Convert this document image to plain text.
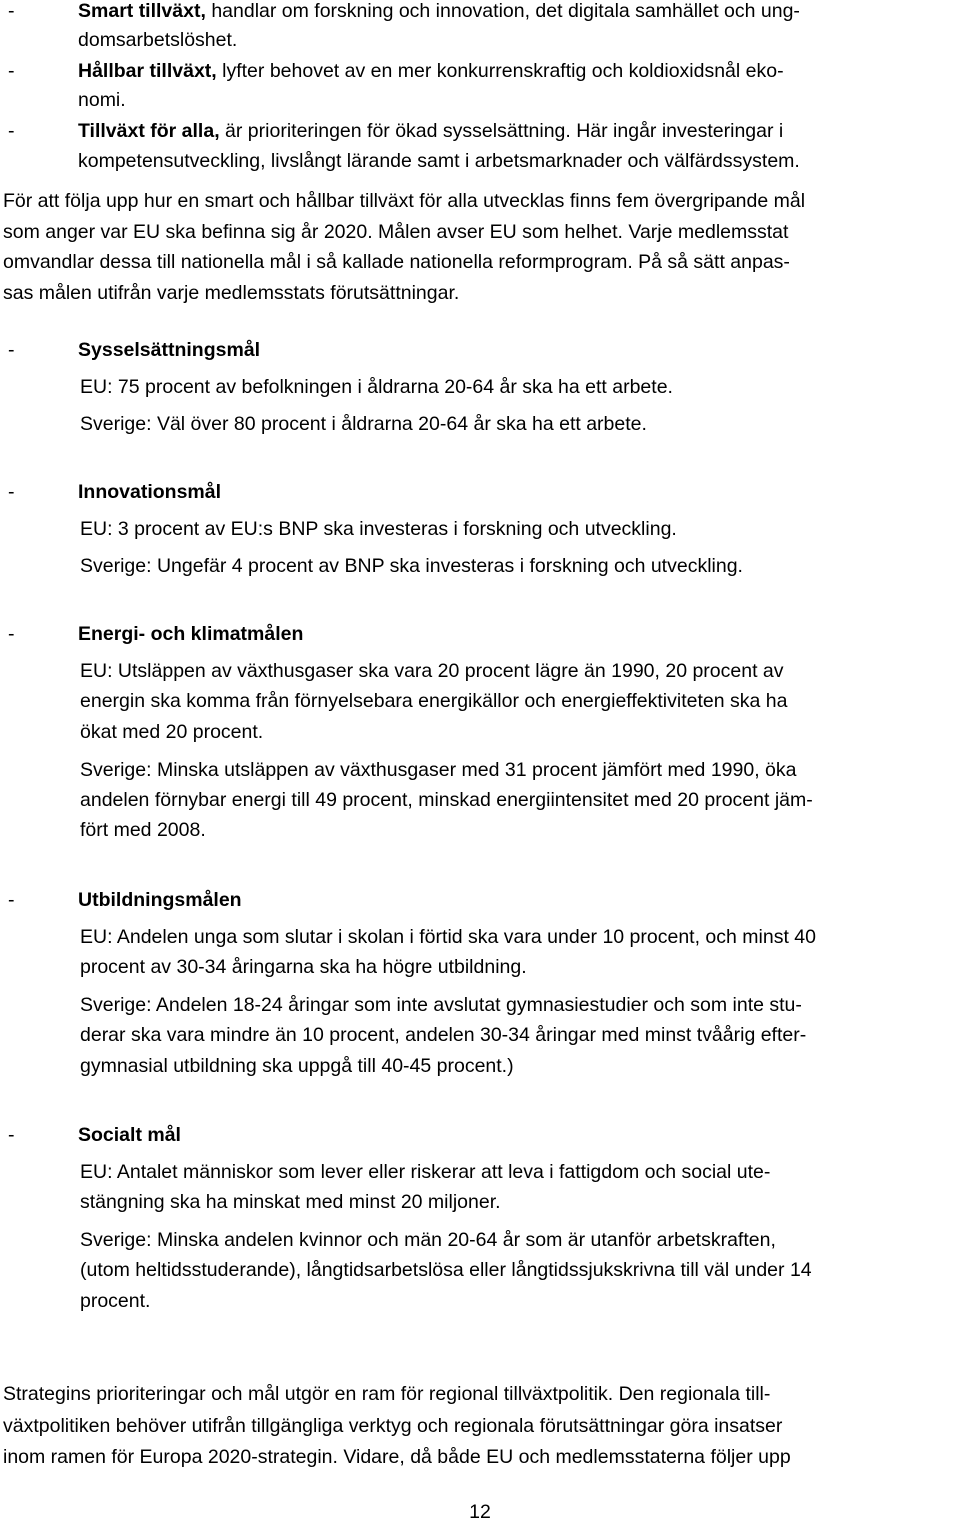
-	Smart tillväxt, handlar om forskning och innovation, det digitala samhället och ung-
domsarbetslöshet.
-	Hållbar tillväxt, lyfter behovet av en mer konkurrenskraftig och koldioxidsnål eko-
nomi.
-	Tillväxt för alla, är prioriteringen för ökad sysselsättning. Här ingår investeringar i
kompetensutveckling, livslångt lärande samt i arbetsmarknader och välfärdssystem.
För att följa upp hur en smart och hållbar tillväxt för alla utvecklas finns fem övergripande mål
som anger var EU ska befinna sig år 2020. Målen avser EU som helhet. Varje medlemsstat
omvandlar dessa till nationella mål i så kallade nationella reformprogram. På så sätt anpas-
sas målen utifrån varje medlemsstats förutsättningar.
-	Sysselsättningsmål
EU: 75 procent av befolkningen i åldrarna 20-64 år ska ha ett arbete.
Sverige: Väl över 80 procent i åldrarna 20-64 år ska ha ett arbete.
-	Innovationsmål
EU: 3 procent av EU:s BNP ska investeras i forskning och utveckling.
Sverige: Ungefär 4 procent av BNP ska investeras i forskning och utveckling.
-	Energi- och klimatmålen
EU: Utsläppen av växthusgaser ska vara 20 procent lägre än 1990, 20 procent av
energin ska komma från förnyelsebara energikällor och energieffektiviteten ska ha
ökat med 20 procent.
Sverige: Minska utsläppen av växthusgaser med 31 procent jämfört med 1990, öka
andelen förnybar energi till 49 procent, minskad energiintensitet med 20 procent jäm-
fört med 2008.
-	Utbildningsmålen
EU: Andelen unga som slutar i skolan i förtid ska vara under 10 procent, och minst 40
procent av 30-34 åringarna ska ha högre utbildning.
Sverige: Andelen 18-24 åringar som inte avslutat gymnasiestudier och som inte stu-
derar ska vara mindre än 10 procent, andelen 30-34 åringar med minst tvåårig efter-
gymnasial utbildning ska uppgå till 40-45 procent.)
-	Socialt mål
EU: Antalet människor som lever eller riskerar att leva i fattigdom och social ute-
stängning ska ha minskat med minst 20 miljoner.
Sverige: Minska andelen kvinnor och män 20-64 år som är utanför arbetskraften,
(utom heltidsstuderande), långtidsarbetslösa eller långtidssjukskrivna till väl under 14
procent.
Strategins prioriteringar och mål utgör en ram för regional tillväxtpolitik. Den regionala till-
växtpolitiken behöver utifrån tillgängliga verktyg och regionala förutsättningar göra insatser
inom ramen för Europa 2020-strategin. Vidare, då både EU och medlemsstaterna följer upp
12
